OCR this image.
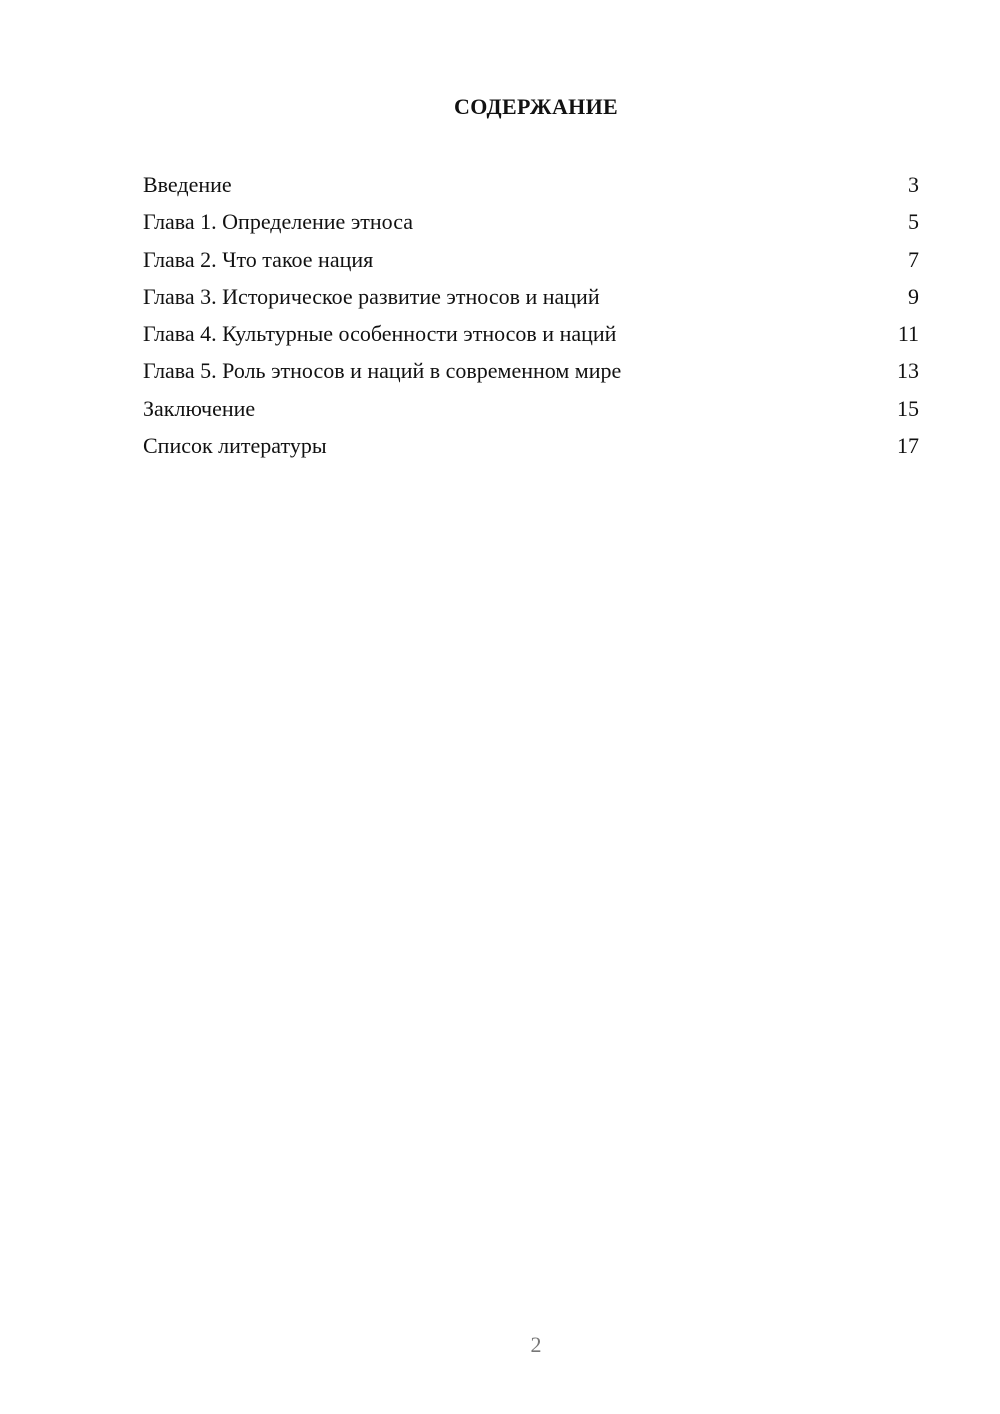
СОДЕРЖАНИЕ
Введение	3
Глава 1. Определение этноса	5
Глава 2. Что такое нация	7
Глава 3. Историческое развитие этносов и наций	9
Глава 4. Культурные особенности этносов и наций	11
Глава 5. Роль этносов и наций в современном мире	13
Заключение	15
Список литературы	17
2
